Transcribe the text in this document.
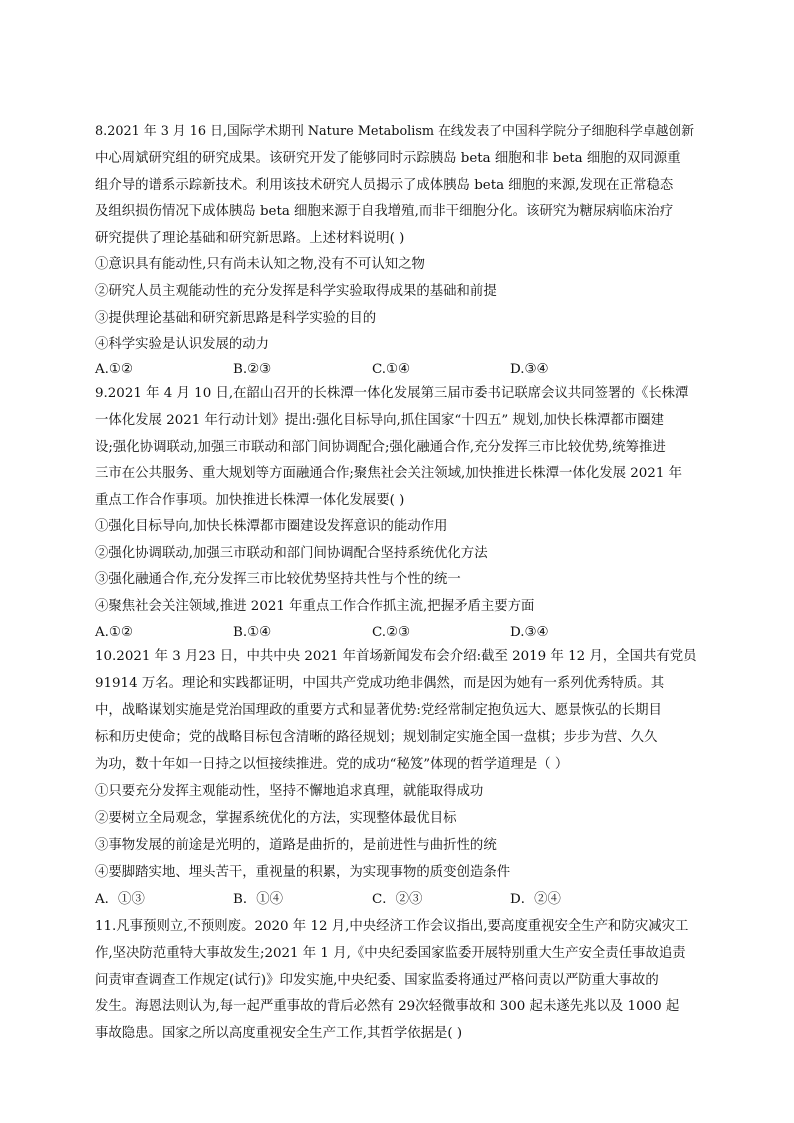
8.2021 年 3 月 16 日,国际学术期刊 Nature Metabolism 在线发表了中国科学院分子细胞科学卓越创新
中心周斌研究组的研究成果。该研究开发了能够同时示踪胰岛 beta 细胞和非 beta 细胞的双同源重
组介导的谱系示踪新技术。利用该技术研究人员揭示了成体胰岛 beta 细胞的来源,发现在正常稳态
及组织损伤情况下成体胰岛 beta 细胞来源于自我增殖,而非干细胞分化。该研究为糖尿病临床治疗
研究提供了理论基础和研究新思路。上述材料说明( )
①意识具有能动性,只有尚未认知之物,没有不可认知之物
②研究人员主观能动性的充分发挥是科学实验取得成果的基础和前提
③提供理论基础和研究新思路是科学实验的目的
④科学实验是认识发展的动力
A.①②	B.②③	C.①④	D.③④
9.2021 年 4 月 10 日,在韶山召开的长株潭一体化发展第三届市委书记联席会议共同签署的《长株潭
一体化发展 2021 年行动计划》提出:强化目标导向,抓住国家“十四五” 规划,加快长株潭都市圈建
设;强化协调联动,加强三市联动和部门间协调配合;强化融通合作,充分发挥三市比较优势,统筹推进
三市在公共服务、重大规划等方面融通合作;聚焦社会关注领域,加快推进长株潭一体化发展 2021 年
重点工作合作事项。加快推进长株潭一体化发展要( )
①强化目标导向,加快长株潭都市圈建设发挥意识的能动作用
②强化协调联动,加强三市联动和部门间协调配合坚持系统优化方法
③强化融通合作,充分发挥三市比较优势坚持共性与个性的统一
④聚焦社会关注领域,推进 2021 年重点工作合作抓主流,把握矛盾主要方面
A.①②	B.①④	C.②③	D.③④
10.2021 年 3 月23 日，中共中央 2021 年首场新闻发布会介绍:截至 2019 年 12 月，全国共有党员
91914 万名。理论和实践都证明，中国共产党成功绝非偶然，而是因为她有一系列优秀特质。其
中，战略谋划实施是党治国理政的重要方式和显著优势:党经常制定抱负远大、愿景恢弘的长期目
标和历史使命；党的战略目标包含清晰的路径规划；规划制定实施全国一盘棋；步步为营、久久
为功，数十年如一日持之以恒接续推进。党的成功“秘笈”体现的哲学道理是（ ）
①只要充分发挥主观能动性，坚持不懈地追求真理，就能取得成功
②要树立全局观念，掌握系统优化的方法，实现整体最优目标
③事物发展的前途是光明的，道路是曲折的，是前进性与曲折性的统
④要脚踏实地、埋头苦干，重视量的积累，为实现事物的质变创造条件
A．①③	B．①④	C．②③	D．②④
11.凡事预则立,不预则废。2020 年 12 月,中央经济工作会议指出,要高度重视安全生产和防灾减灾工
作,坚决防范重特大事故发生;2021 年 1 月,《中央纪委国家监委开展特别重大生产安全责任事故追责
问责审查调查工作规定(试行)》印发实施,中央纪委、国家监委将通过严格问责以严防重大事故的
发生。海恩法则认为,每一起严重事故的背后必然有 29次轻微事故和 300 起未遂先兆以及 1000 起
事故隐患。国家之所以高度重视安全生产工作,其哲学依据是( )
